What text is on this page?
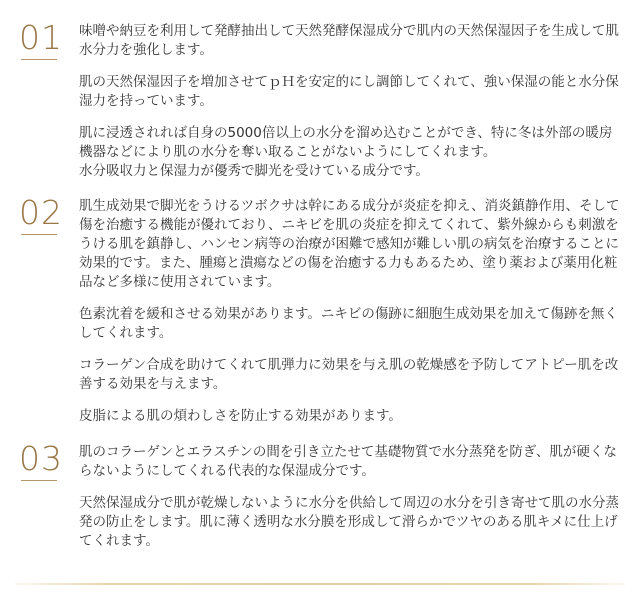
01 味噌や納豆を利用して発酵抽出して天然発酵保湿成分で肌内の天然保湿因子を生成して肌水分力を強化します。

肌の天然保湿因子を増加させてｐＨを安定的にし調節してくれて、強い保湿の能と水分保湿力を持っています。

肌に浸透されれば自身の5000倍以上の水分を溜め込むことができ、特に冬は外部の暖房機器などにより肌の水分を奪い取ることがないようにしてくれます。

水分吸収力と保湿力が優秀で脚光を受けている成分です。

02 肌生成効果で脚光をうけるツボクサは幹にある成分が炎症を抑え、消炎鎮静作用、そして傷を治癒する機能が優れており、ニキビを肌の炎症を抑えてくれて、紫外線からも刺激をうける肌を鎮静し、ハンセン病等の治療が困難で感知が難しい肌の病気を治療することに効果的です。また、腫瘍と潰瘍などの傷を治癒する力もあるため、塗り薬および薬用化粧品など多様に使用されています。

色素沈着を緩和させる効果があります。ニキビの傷跡に細胞生成効果を加えて傷跡を無くしてくれます。

コラーゲン合成を助けてくれて肌弾力に効果を与え肌の乾燥感を予防してアトピー肌を改善する効果を与えます。

皮脂による肌の煩わしさを防止する効果があります。

03 肌のコラーゲンとエラスチンの間を引き立たせて基礎物質で水分蒸発を防ぎ、肌が硬くならないようにしてくれる代表的な保湿成分です。

天然保湿成分で肌が乾燥しないように水分を供給して周辺の水分を引き寄せて肌の水分蒸発の防止をします。肌に薄く透明な水分膜を形成して滑らかでツヤのある肌キメに仕上げてくれます。
